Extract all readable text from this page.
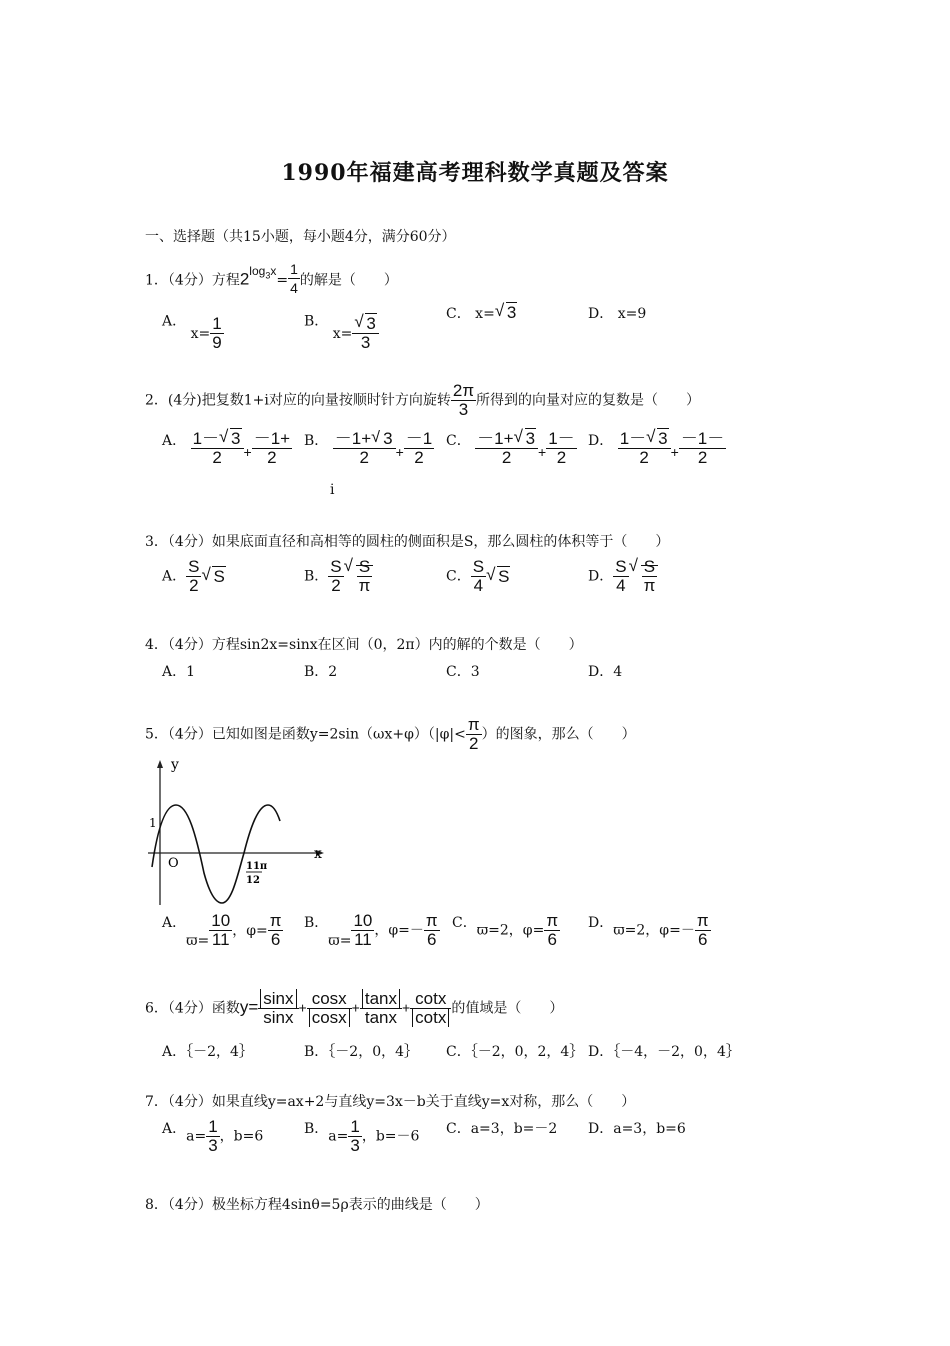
1990年福建高考理科数学真题及答案
一、选择题（共15小题，每小题4分，满分60分）
1．（4分）方程$2^{log_3x}= \frac{1}{4}$ 的解是（　　）
A． $x= \frac{1}{9}$	B． x= √ $\frac{3}{3}$
C． x= √ 3	D． x=9
2．(4分)把复数1+i对应的向量按顺时针方向旋转 $\frac{2\pi}{3}$ 所得到的向量对应的复数是（　　）
A． $\frac{1- √ 3}{2} + \frac{-1+}{2}$ B． $\frac{-1+ √ 3}{2} + \frac{-1}{2}$
i
C． $\frac{-1+ √ 3}{2} + \frac{1-}{2}$ D． $\frac{1- √ 3}{2} + \frac{-1-}{2}$
3．（4分）如果底面直径和高相等的圆柱的侧面积是S，那么圆柱的体积等于（　　）
A． $\frac{S}{2}$ √ S	B． $\frac{S}{2}$ √ $\frac{S}{\pi}$	C． $\frac{S}{4}$ √ S	D． $\frac{S}{4}$ √ $\frac{S}{\pi}$
4．（4分）方程sin2x=sinx在区间（0，2π）内的解的个数是（　　）
A．1	B．2	C．3	D．4
5．（4分）已知如图是函数$y=2\sin(\omega x+\varphi)(|\varphi|< \frac{\pi}{2}$ ）的图象，那么（　　）
x
y
O
1
11π
12
A．$ϖ= \frac{10}{11}$ ，$\varphi= \frac{\pi}{6}$ B．$ϖ= \frac{10}{11}$ ，$\varphi=- \frac{\pi}{6}$ C．ϖ=2，$\varphi= \frac{\pi}{6}$ D．ϖ=2，$\varphi=- \frac{\pi}{6}$
6．（4分）函数$y= \frac{\sin x}{\sin x} + \frac{\cos x}{\cos x} + \frac{\tan x}{\tan x} + \frac{\cot x}{\cot x}$ 的值域是（　　）
A．｛－2，4｝	B．｛－2，0，4｝ C．｛－2，0，2，4｝ D．｛－4，－2，0，4｝
7．（4分）如果直线y=ax+2与直线y=3x－b关于直线y=x对称，那么（　　）
A．$a= \frac{1}{3}$ ，b=6	B．$a= \frac{1}{3}$ ，b=－6 C．a=3，b=－2 D．a=3，b=6
8．（4分）极坐标方程4sinθ=5ρ表示的曲线是（　　）
